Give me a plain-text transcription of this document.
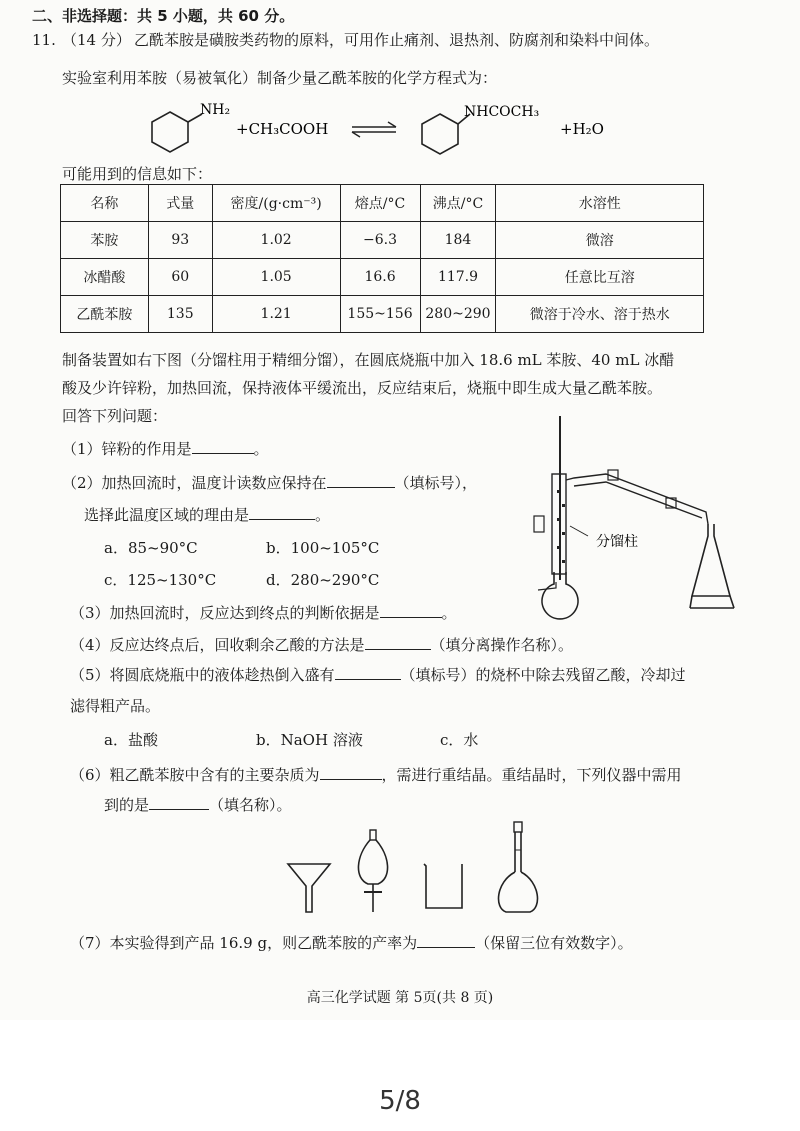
二、非选择题：共 5 小题，共 60 分。
11. （14 分） 乙酰苯胺是磺胺类药物的原料，可用作止痛剂、退热剂、防腐剂和染料中间体。
实验室利用苯胺（易被氧化）制备少量乙酰苯胺的化学方程式为：
NH₂
+CH₃COOH
NHCOCH₃
+H₂O
可能用到的信息如下：
名称	式量	密度/(g·cm⁻³)	熔点/°C	沸点/°C	水溶性
苯胺	93	1.02	−6.3	184	微溶
冰醋酸	60	1.05	16.6	117.9	任意比互溶
乙酰苯胺	135	1.21	155~156	280~290	微溶于冷水、溶于热水
制备装置如右下图（分馏柱用于精细分馏），在圆底烧瓶中加入 18.6 mL 苯胺、40 mL 冰醋
酸及少许锌粉，加热回流，保持液体平缓流出，反应结束后，烧瓶中即生成大量乙酰苯胺。
回答下列问题：
（1）锌粉的作用是	。
（2）加热回流时，温度计读数应保持在	（填标号），
选择此温度区域的理由是	。
a．85~90°C	b．100~105°C
c．125~130°C	d．280~290°C
分馏柱
（3）加热回流时，反应达到终点的判断依据是	。
（4）反应达终点后，回收剩余乙酸的方法是	（填分离操作名称）。
（5）将圆底烧瓶中的液体趁热倒入盛有	（填标号）的烧杯中除去残留乙酸，冷却过
滤得粗产品。
a．盐酸	b．NaOH 溶液	c．水
（6）粗乙酰苯胺中含有的主要杂质为	，需进行重结晶。重结晶时，下列仪器中需用
到的是	（填名称）。
（7）本实验得到产品 16.9 g，则乙酰苯胺的产率为	（保留三位有效数字）。
高三化学试题 第 5页(共 8 页)
5/8
